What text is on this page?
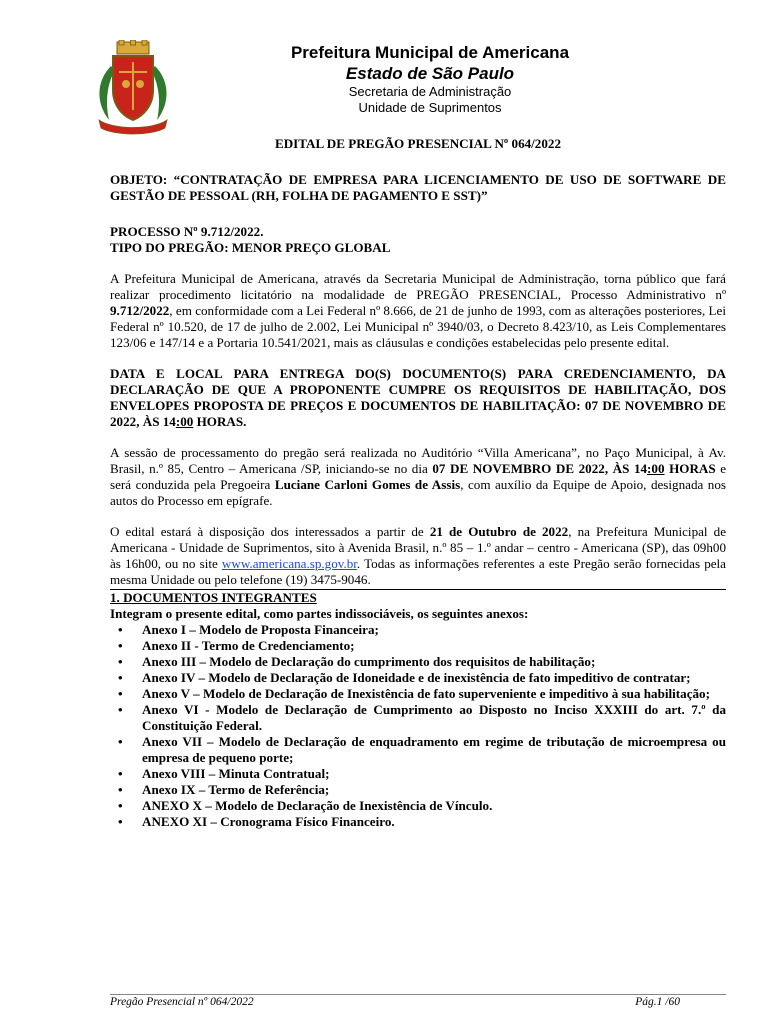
Prefeitura Municipal de Americana
Estado de São Paulo
Secretaria de Administração
Unidade de Suprimentos
EDITAL DE PREGÃO PRESENCIAL Nº 064/2022
OBJETO: “CONTRATAÇÃO DE EMPRESA PARA LICENCIAMENTO DE USO DE SOFTWARE DE GESTÃO DE PESSOAL (RH, FOLHA DE PAGAMENTO E SST)”
PROCESSO Nº 9.712/2022.
TIPO DO PREGÃO: MENOR PREÇO GLOBAL
A Prefeitura Municipal de Americana, através da Secretaria Municipal de Administração, torna público que fará realizar procedimento licitatório na modalidade de PREGÃO PRESENCIAL, Processo Administrativo nº 9.712/2022, em conformidade com a Lei Federal nº 8.666, de 21 de junho de 1993, com as alterações posteriores, Lei Federal nº 10.520, de 17 de julho de 2.002, Lei Municipal nº 3940/03, o Decreto 8.423/10, as Leis Complementares 123/06 e 147/14 e a Portaria 10.541/2021, mais as cláusulas e condições estabelecidas pelo presente edital.
DATA E LOCAL PARA ENTREGA DO(S) DOCUMENTO(S) PARA CREDENCIAMENTO, DA DECLARAÇÃO DE QUE A PROPONENTE CUMPRE OS REQUISITOS DE HABILITAÇÃO, DOS ENVELOPES PROPOSTA DE PREÇOS E DOCUMENTOS DE HABILITAÇÃO: 07 DE NOVEMBRO DE 2022, ÀS 14:00 HORAS.
A sessão de processamento do pregão será realizada no Auditório “Villa Americana”, no Paço Municipal, à Av. Brasil, n.º 85, Centro – Americana /SP, iniciando-se no dia 07 DE NOVEMBRO DE 2022, ÀS 14:00 HORAS e será conduzida pela Pregoeira Luciane Carloni Gomes de Assis, com auxílio da Equipe de Apoio, designada nos autos do Processo em epígrafe.
O edital estará à disposição dos interessados a partir de 21 de Outubro de 2022, na Prefeitura Municipal de Americana - Unidade de Suprimentos, sito à Avenida Brasil, n.º 85 – 1.º andar – centro - Americana (SP), das 09h00 às 16h00, ou no site www.americana.sp.gov.br. Todas as informações referentes a este Pregão serão fornecidas pela mesma Unidade ou pelo telefone (19) 3475-9046.
1. DOCUMENTOS INTEGRANTES
Integram o presente edital, como partes indissociáveis, os seguintes anexos:
• Anexo I – Modelo de Proposta Financeira;
• Anexo II - Termo de Credenciamento;
• Anexo III – Modelo de Declaração do cumprimento dos requisitos de habilitação;
• Anexo IV – Modelo de Declaração de Idoneidade e de inexistência de fato impeditivo de contratar;
• Anexo V – Modelo de Declaração de Inexistência de fato superveniente e impeditivo à sua habilitação;
• Anexo VI - Modelo de Declaração de Cumprimento ao Disposto no Inciso XXXIII do art. 7.º da Constituição Federal.
• Anexo VII – Modelo de Declaração de enquadramento em regime de tributação de microempresa ou empresa de pequeno porte;
• Anexo VIII – Minuta Contratual;
• Anexo IX – Termo de Referência;
• ANEXO X – Modelo de Declaração de Inexistência de Vínculo.
• ANEXO XI – Cronograma Físico Financeiro.
Pregão Presencial nº 064/2022	Pág.1 /60
